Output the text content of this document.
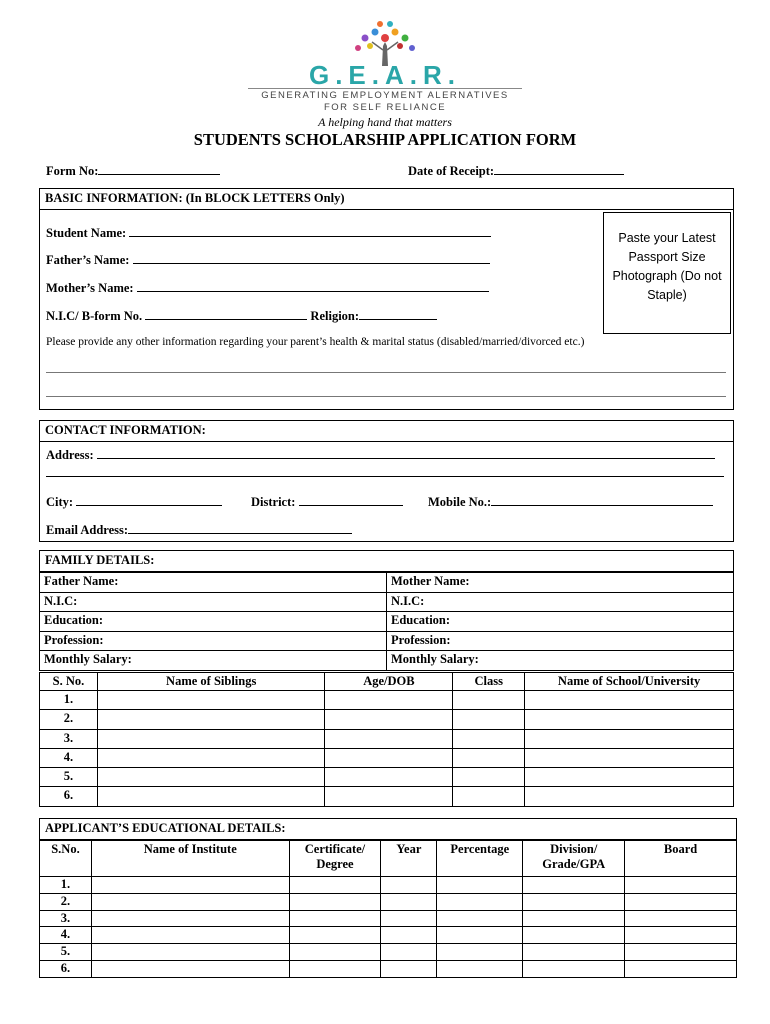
G.E.A.R.
GENERATING EMPLOYMENT ALERNATIVES
FOR SELF RELIANCE
A helping hand that matters
STUDENTS SCHOLARSHIP APPLICATION FORM
Form No:	Date of Receipt:
BASIC INFORMATION: (In BLOCK LETTERS Only)
Student Name:
Father’s Name:
Mother’s Name:
N.I.C/ B-form No.	Religion:
Paste your Latest Passport Size Photograph (Do not Staple)
Please provide any other information regarding your parent’s health & marital status (disabled/married/divorced etc.)
CONTACT INFORMATION:
Address:
City:	District:	Mobile No.:
Email Address:
FAMILY DETAILS:
Father Name:	Mother Name:
N.I.C:	N.I.C:
Education:	Education:
Profession:	Profession:
Monthly Salary:	Monthly Salary:
S. No.	Name of Siblings	Age/DOB	Class	Name of School/University
1.				
2.				
3.				
4.				
5.				
6.				
APPLICANT’S EDUCATIONAL DETAILS:
S.No.	Name of Institute	Certificate/ Degree	Year	Percentage	Division/ Grade/GPA	Board
1.						
2.						
3.						
4.						
5.						
6.						
